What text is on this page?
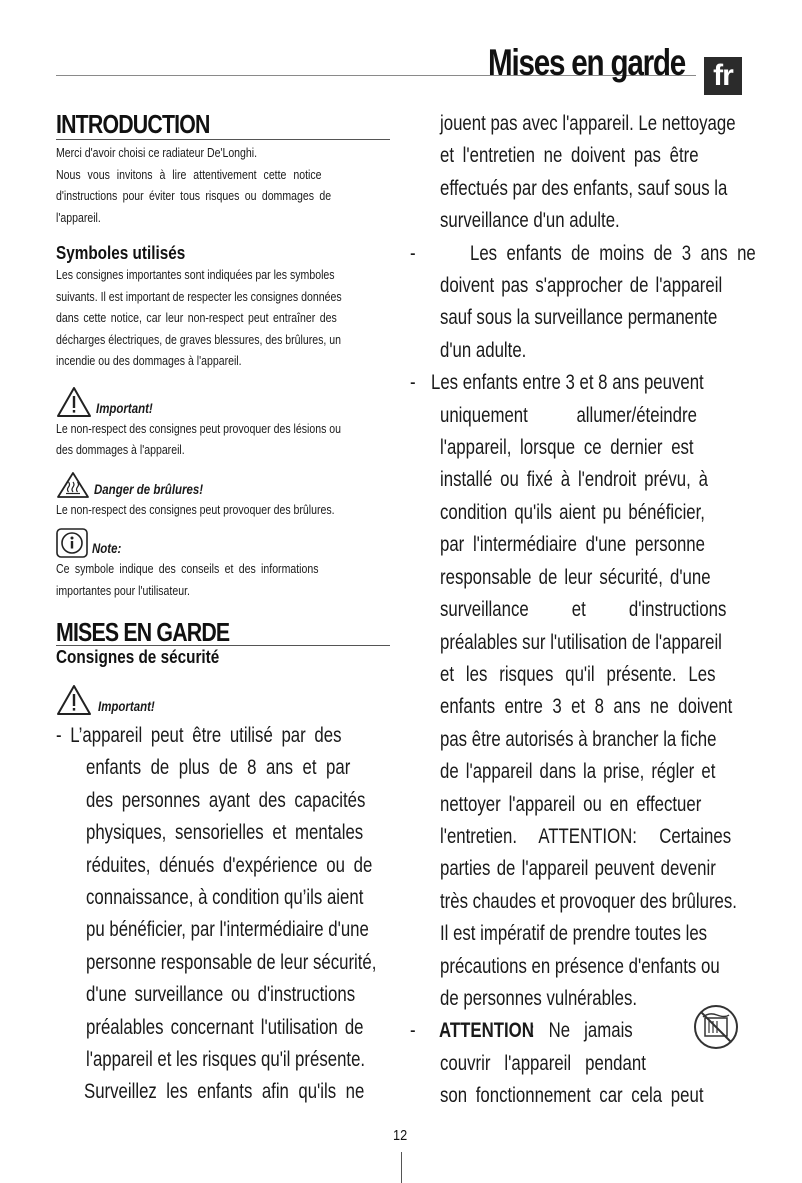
Mises en garde fr
INTRODUCTION
Merci d'avoir choisi ce radiateur De'Longhi.
Nous vous invitons à lire attentivement cette notice
d'instructions pour éviter tous risques ou dommages de
l'appareil.
Symboles utilisés
Les consignes importantes sont indiquées par les symboles
suivants. Il est important de respecter les consignes données
dans cette notice, car leur non-respect peut entraîner des
décharges électriques, de graves blessures, des brûlures, un
incendie ou des dommages à l'appareil.
Important!
Le non-respect des consignes peut provoquer des lésions ou
des dommages à l'appareil.
Danger de brûlures!
Le non-respect des consignes peut provoquer des brûlures.
Note:
Ce symbole indique des conseils et des informations
importantes pour l'utilisateur.
MISES EN GARDE
Consignes de sécurité
Important!
- L’appareil peut être utilisé par des
enfants de plus de 8 ans et par
des personnes ayant des capacités
physiques, sensorielles et mentales
réduites, dénués d'expérience ou de
connaissance, à condition qu’ils aient
pu bénéficier, par l'intermédiaire d'une
personne responsable de leur sécurité,
d'une surveillance ou d'instructions
préalables concernant l'utilisation de
l'appareil et les risques qu'il présente.
Surveillez les enfants afin qu'ils ne
jouent pas avec l'appareil. Le nettoyage
et l'entretien ne doivent pas être
effectués par des enfants, sauf sous la
surveillance d'un adulte.
-	Les enfants de moins de 3 ans ne
doivent pas s'approcher de l'appareil
sauf sous la surveillance permanente
d'un adulte.
- Les enfants entre 3 et 8 ans peuvent
uniquement allumer/éteindre
l'appareil, lorsque ce dernier est
installé ou fixé à l'endroit prévu, à
condition qu'ils aient pu bénéficier,
par l'intermédiaire d'une personne
responsable de leur sécurité, d'une
surveillance et d'instructions
préalables sur l'utilisation de l'appareil
et les risques qu'il présente. Les
enfants entre 3 et 8 ans ne doivent
pas être autorisés à brancher la fiche
de l'appareil dans la prise, régler et
nettoyer l'appareil ou en effectuer
l'entretien. ATTENTION: Certaines
parties de l'appareil peuvent devenir
très chaudes et provoquer des brûlures.
Il est impératif de prendre toutes les
précautions en présence d'enfants ou
de personnes vulnérables.
- ATTENTION:   Ne   jamais
couvrir   l'appareil   pendant
son fonctionnement car cela peut
12
